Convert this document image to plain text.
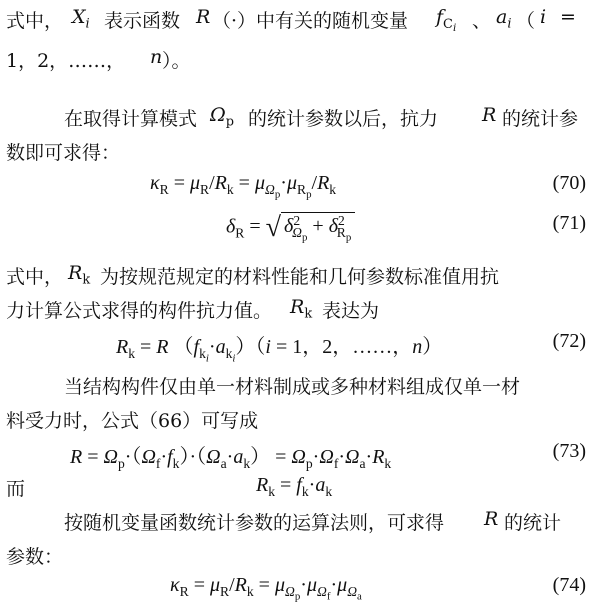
式中， $X_i$ 表示函数 R （·）中有关的随机变量 $f_{C_i}$ 、 $a_i$ （ i =
1，2，……， n ）。
在取得计算模式 $\Omega_p$ 的统计参数以后，抗力 R 的统计参
数即可求得：
$\kappa_R = \mu_R/R_k = \mu_{\Omega_p}\cdot\mu_{R_p}/R_k$	(70)
$\delta_R$ = √ $\delta^2_{\Omega_p} + \delta^2_{R_p}$
(71)
式中， $R_k$ 为按规范规定的材料性能和几何参数标准值用抗
力计算公式求得的构件抗力值。 $R_k$ 表达为
$R_k = R$ $(f_{k_i}\cdot a_{k_i})(i = 1$，2，……，n）	(72)
当结构构件仅由单一材料制成或多种材料组成仅单一材
料受力时，公式（66）可写成
$R = \Omega_p\cdot(\Omega_f\cdot f_k)\cdot(\Omega_a\cdot a_k) = \Omega_p\cdot\Omega_f\cdot\Omega_a\cdot R_k$
(73)
而	$R_k = f_k\cdot a_k$
按随机变量函数统计参数的运算法则，可求得 R 的统计
参数：
$\kappa_R = \mu_R/R_k = \mu_{\Omega_p}\cdot\mu_{\Omega_f}\cdot\mu_{\Omega_a}$	(74)
